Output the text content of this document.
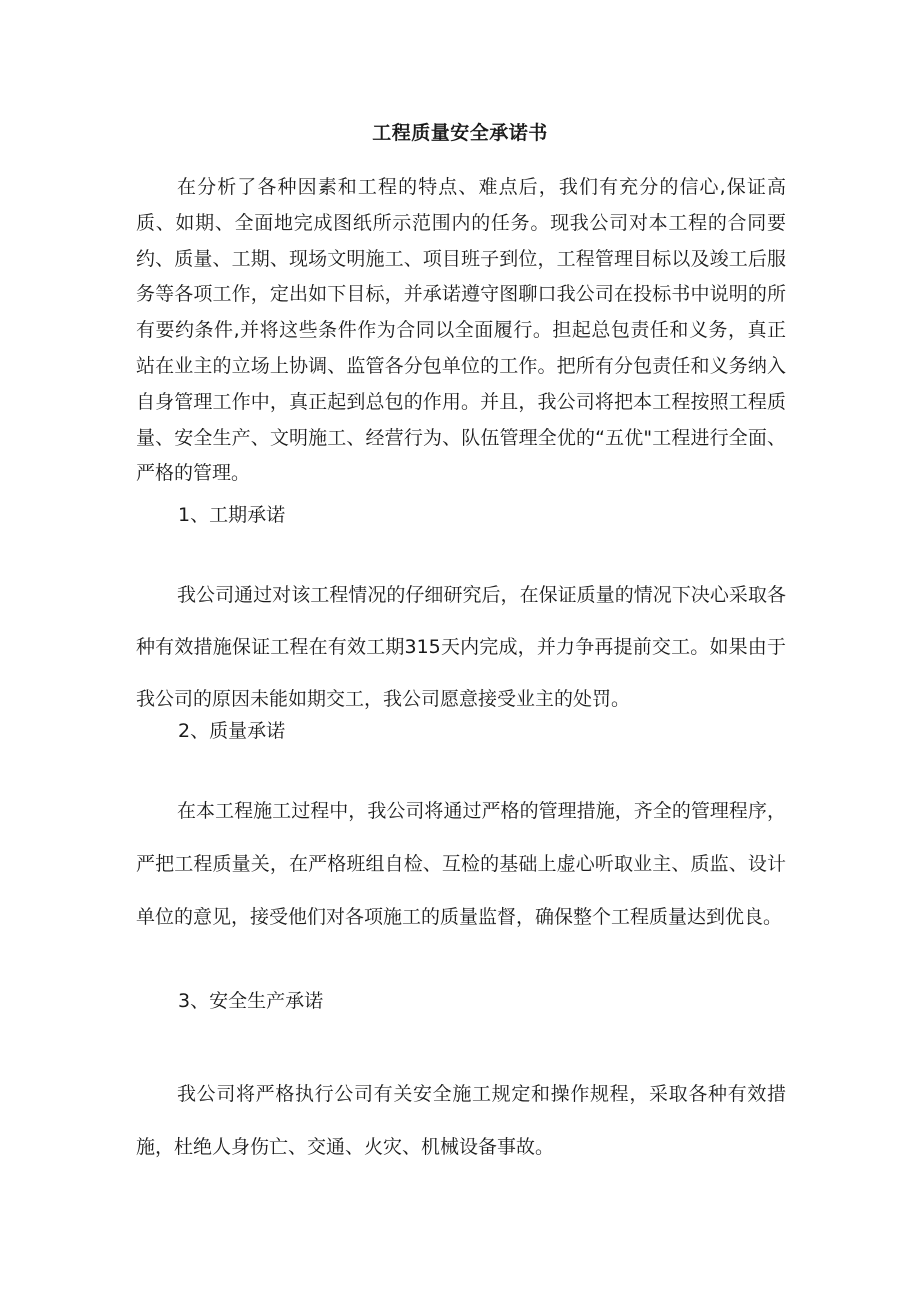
工程质量安全承诺书

在分析了各种因素和工程的特点、难点后，我们有充分的信心,保证高质、如期、全面地完成图纸所示范围内的任务。现我公司对本工程的合同要约、质量、工期、现场文明施工、项目班子到位，工程管理目标以及竣工后服务等各项工作，定出如下目标，并承诺遵守图聊口我公司在投标书中说明的所有要约条件,并将这些条件作为合同以全面履行。担起总包责任和义务，真正站在业主的立场上协调、监管各分包单位的工作。把所有分包责任和义务纳入自身管理工作中，真正起到总包的作用。并且，我公司将把本工程按照工程质量、安全生产、文明施工、经营行为、队伍管理全优的“五优"工程进行全面、严格的管理。

1、工期承诺

我公司通过对该工程情况的仔细研究后，在保证质量的情况下决心采取各种有效措施保证工程在有效工期315天内完成，并力争再提前交工。如果由于我公司的原因未能如期交工，我公司愿意接受业主的处罚。

2、质量承诺

在本工程施工过程中，我公司将通过严格的管理措施，齐全的管理程序，严把工程质量关，在严格班组自检、互检的基础上虚心听取业主、质监、设计单位的意见，接受他们对各项施工的质量监督，确保整个工程质量达到优良。

3、安全生产承诺

我公司将严格执行公司有关安全施工规定和操作规程，采取各种有效措施，杜绝人身伤亡、交通、火灾、机械设备事故。
